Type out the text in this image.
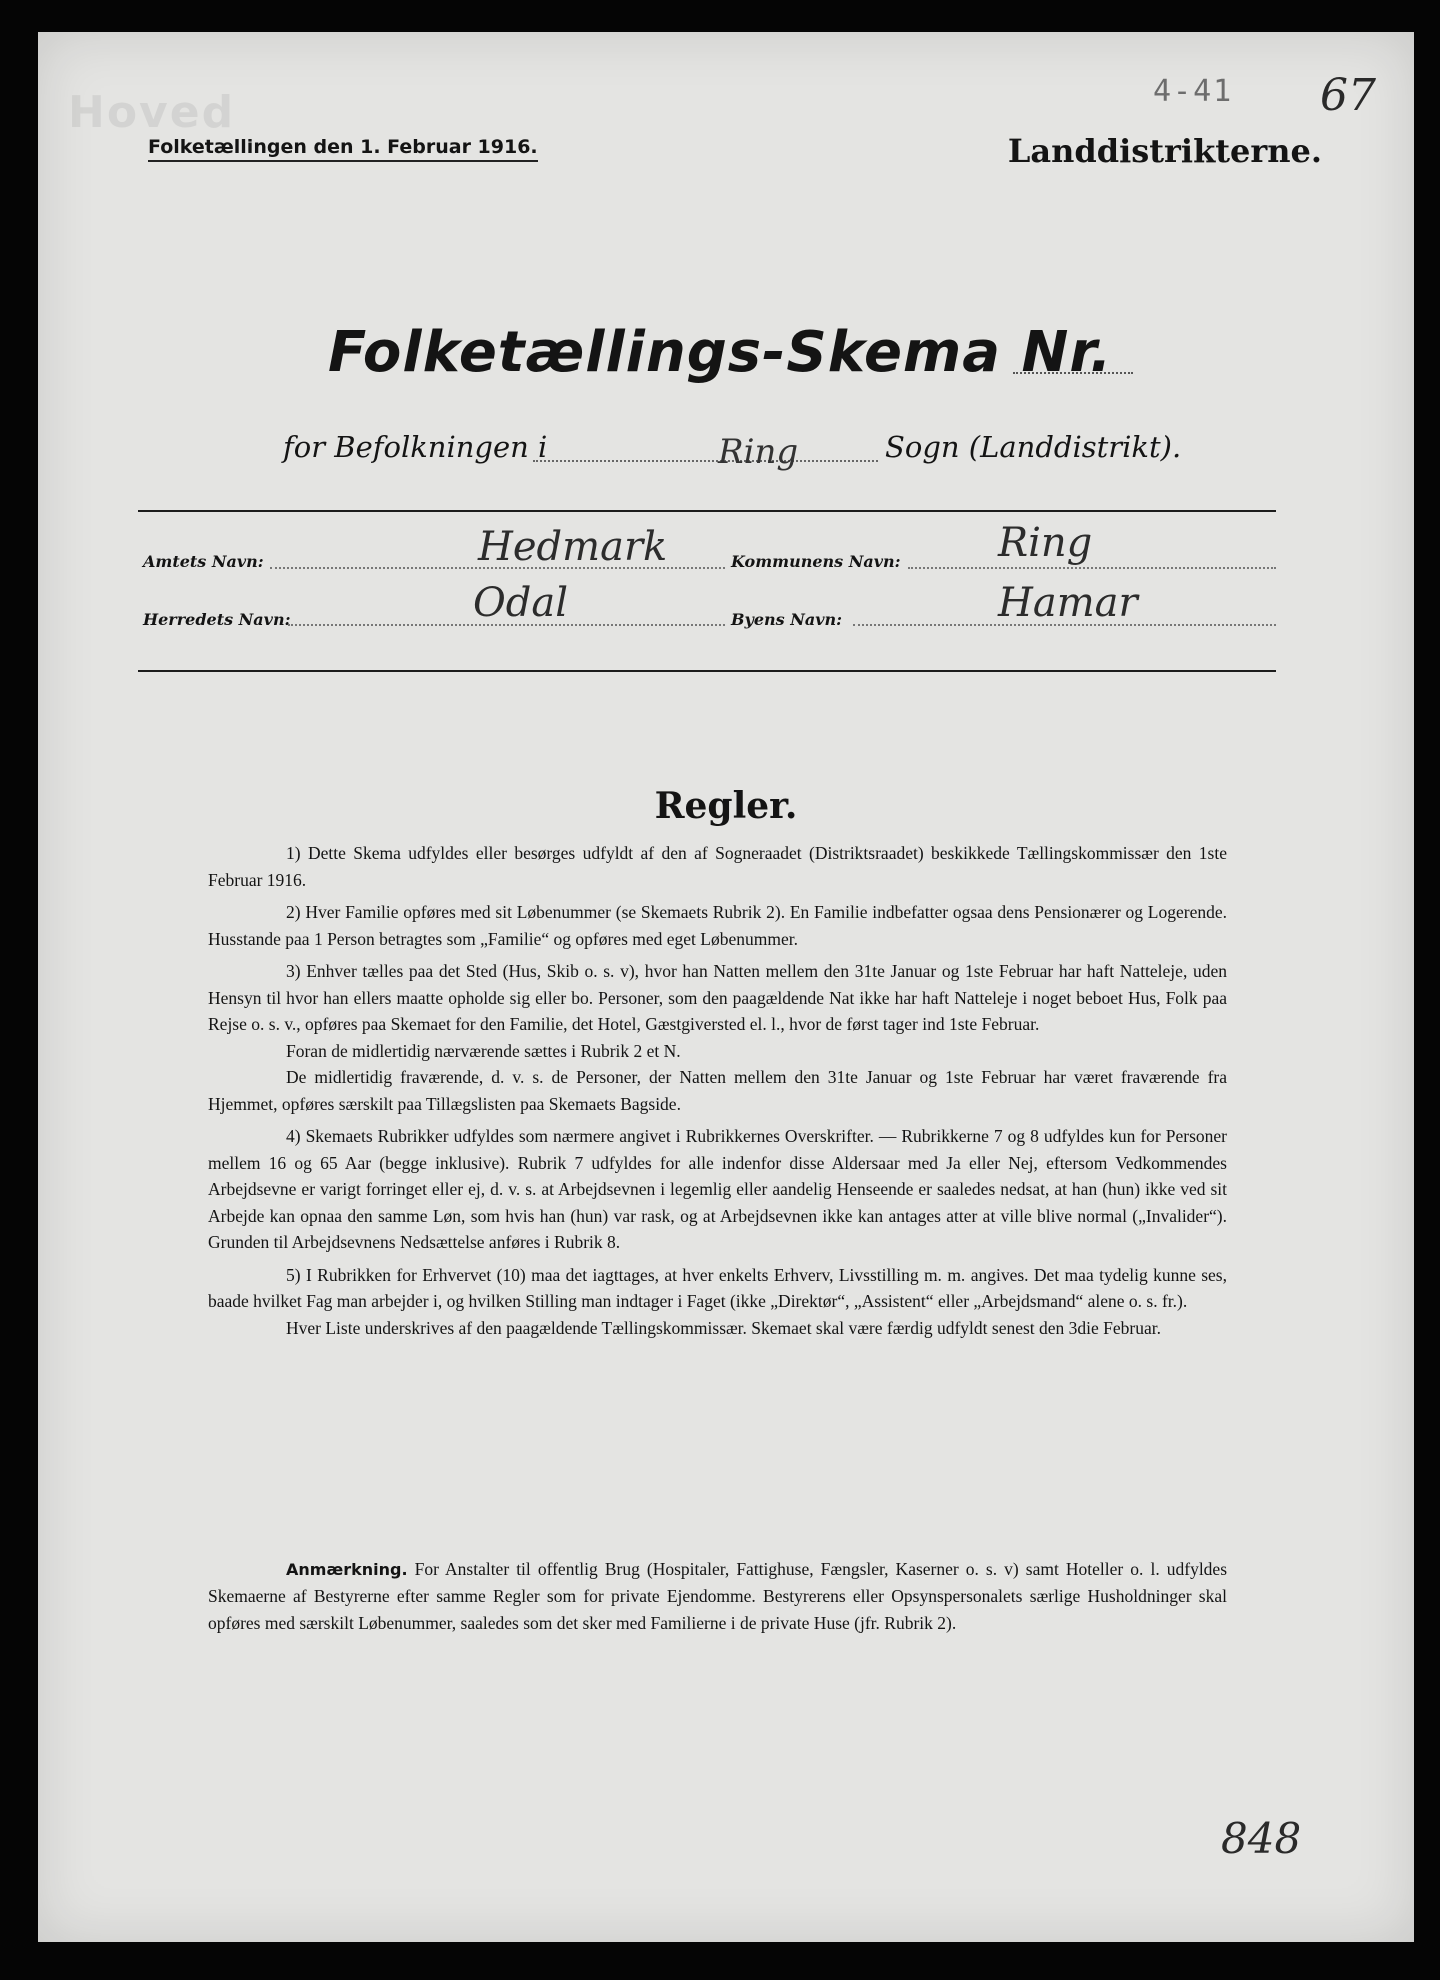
Hoved	4-41 67
Folketællingen den 1. Februar 1916.	Landdistrikterne.
Folketællings-Skema Nr.
for Befolkningen i	Ring	Sogn (Landdistrikt).
Amtets Navn:	Hedmark	Kommunens Navn: Ring
Herredets Navn:	Odal	Byens Navn:	Hamar
Regler.

1) Dette Skema udfyldes eller besørges udfyldt af den af Sogneraadet (Distriktsraadet) beskikkede Tællingskommissær den 1ste Februar 1916.

2) Hver Familie opføres med sit Løbenummer (se Skemaets Rubrik 2). En Familie indbefatter ogsaa dens Pensionærer og Logerende. Husstande paa 1 Person betragtes som „Familie“ og opføres med eget Løbenummer.

3) Enhver tælles paa det Sted (Hus, Skib o. s. v), hvor han Natten mellem den 31te Januar og 1ste Februar har haft Natteleje, uden Hensyn til hvor han ellers maatte opholde sig eller bo. Personer, som den paagældende Nat ikke har haft Natteleje i noget beboet Hus, Folk paa Rejse o. s. v., opføres paa Skemaet for den Familie, det Hotel, Gæstgiversted el. l., hvor de først tager ind 1ste Februar.

Foran de midlertidig nærværende sættes i Rubrik 2 et N.

De midlertidig fraværende, d. v. s. de Personer, der Natten mellem den 31te Januar og 1ste Februar har været fraværende fra Hjemmet, opføres særskilt paa Tillægslisten paa Skemaets Bagside.

4) Skemaets Rubrikker udfyldes som nærmere angivet i Rubrikkernes Overskrifter. — Rubrikkerne 7 og 8 udfyldes kun for Personer mellem 16 og 65 Aar (begge inklusive). Rubrik 7 udfyldes for alle indenfor disse Aldersaar med Ja eller Nej, eftersom Vedkommendes Arbejdsevne er varigt forringet eller ej, d. v. s. at Arbejdsevnen i legemlig eller aandelig Henseende er saaledes nedsat, at han (hun) ikke ved sit Arbejde kan opnaa den samme Løn, som hvis han (hun) var rask, og at Arbejdsevnen ikke kan antages atter at ville blive normal („Invalider“). Grunden til Arbejdsevnens Nedsættelse anføres i Rubrik 8.

5) I Rubrikken for Erhvervet (10) maa det iagttages, at hver enkelts Erhverv, Livsstilling m. m. angives. Det maa tydelig kunne ses, baade hvilket Fag man arbejder i, og hvilken Stilling man indtager i Faget (ikke „Direktør“, „Assistent“ eller „Arbejdsmand“ alene o. s. fr.).

Hver Liste underskrives af den paagældende Tællingskommissær. Skemaet skal være færdig udfyldt senest den 3die Februar.

Anmærkning. For Anstalter til offentlig Brug (Hospitaler, Fattighuse, Fængsler, Kaserner o. s. v) samt Hoteller o. l. udfyldes Skemaerne af Bestyrerne efter samme Regler som for private Ejendomme. Bestyrerens eller Opsynspersonalets særlige Husholdninger skal opføres med særskilt Løbenummer, saaledes som det sker med Familierne i de private Huse (jfr. Rubrik 2).

848
